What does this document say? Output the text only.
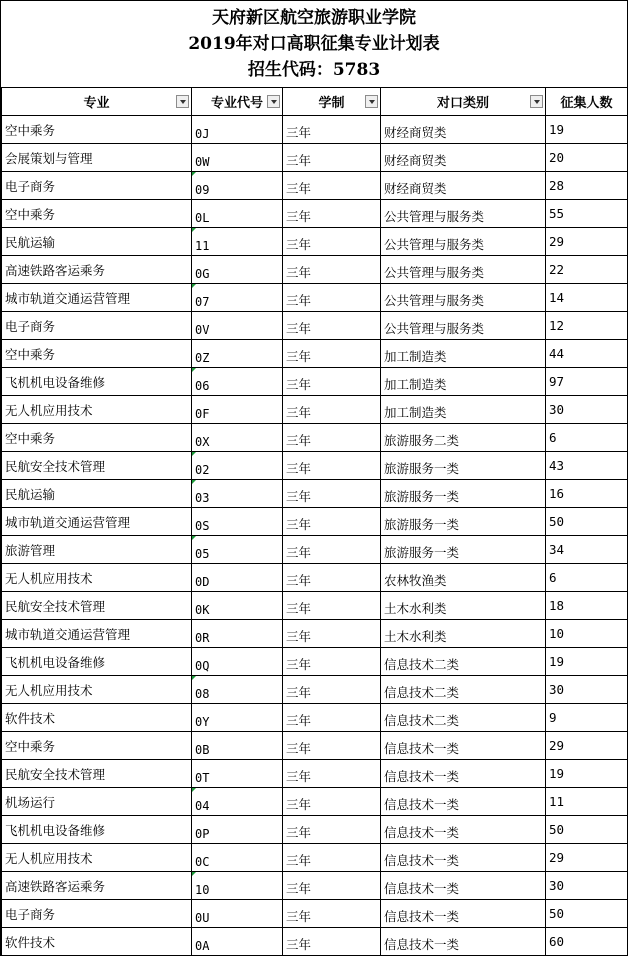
天府新区航空旅游职业学院
2019年对口高职征集专业计划表
招生代码：5783
专业	专业代号	学制	对口类别	征集人数
空中乘务	0J	三年	财经商贸类	19
会展策划与管理	0W	三年	财经商贸类	20
电子商务	09	三年	财经商贸类	28
空中乘务	0L	三年	公共管理与服务类	55
民航运输	11	三年	公共管理与服务类	29
高速铁路客运乘务	0G	三年	公共管理与服务类	22
城市轨道交通运营管理	07	三年	公共管理与服务类	14
电子商务	0V	三年	公共管理与服务类	12
空中乘务	0Z	三年	加工制造类	44
飞机机电设备维修	06	三年	加工制造类	97
无人机应用技术	0F	三年	加工制造类	30
空中乘务	0X	三年	旅游服务二类	6
民航安全技术管理	02	三年	旅游服务一类	43
民航运输	03	三年	旅游服务一类	16
城市轨道交通运营管理	0S	三年	旅游服务一类	50
旅游管理	05	三年	旅游服务一类	34
无人机应用技术	0D	三年	农林牧渔类	6
民航安全技术管理	0K	三年	土木水利类	18
城市轨道交通运营管理	0R	三年	土木水利类	10
飞机机电设备维修	0Q	三年	信息技术二类	19
无人机应用技术	08	三年	信息技术二类	30
软件技术	0Y	三年	信息技术二类	9
空中乘务	0B	三年	信息技术一类	29
民航安全技术管理	0T	三年	信息技术一类	19
机场运行	04	三年	信息技术一类	11
飞机机电设备维修	0P	三年	信息技术一类	50
无人机应用技术	0C	三年	信息技术一类	29
高速铁路客运乘务	10	三年	信息技术一类	30
电子商务	0U	三年	信息技术一类	50
软件技术	0A	三年	信息技术一类	60
